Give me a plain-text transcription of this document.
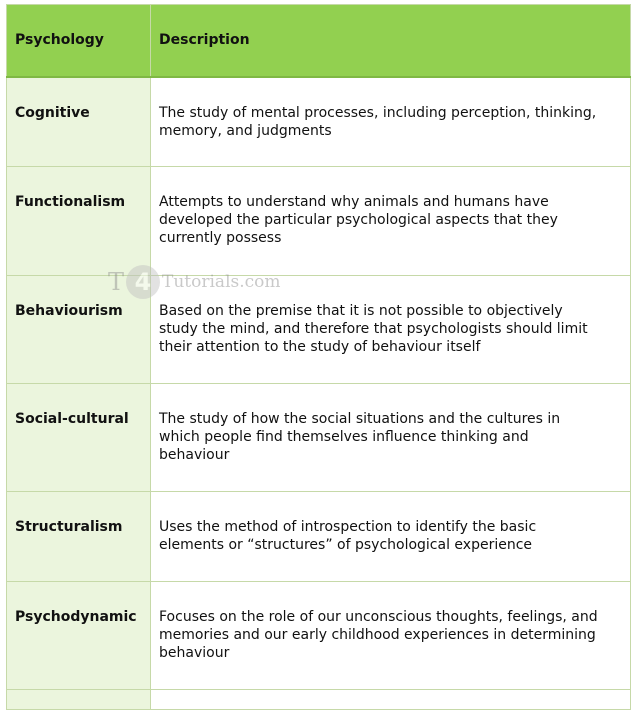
Psychology	Description
Cognitive	The study of mental processes, including perception, thinking,
memory, and judgments

Functionalism	Attempts to understand why animals and humans have
developed the particular psychological aspects that they
currently possess

Behaviourism	Based on the premise that it is not possible to objectively
study the mind, and therefore that psychologists should limit
their attention to the study of behaviour itself

Social-cultural	The study of how the social situations and the cultures in
which people find themselves influence thinking and
behaviour

Structuralism	Uses the method of introspection to identify the basic
elements or “structures” of psychological experience

Psychodynamic	Focuses on the role of our unconscious thoughts, feelings, and
memories and our early childhood experiences in determining
behaviour

T 4 Tutorials.com
